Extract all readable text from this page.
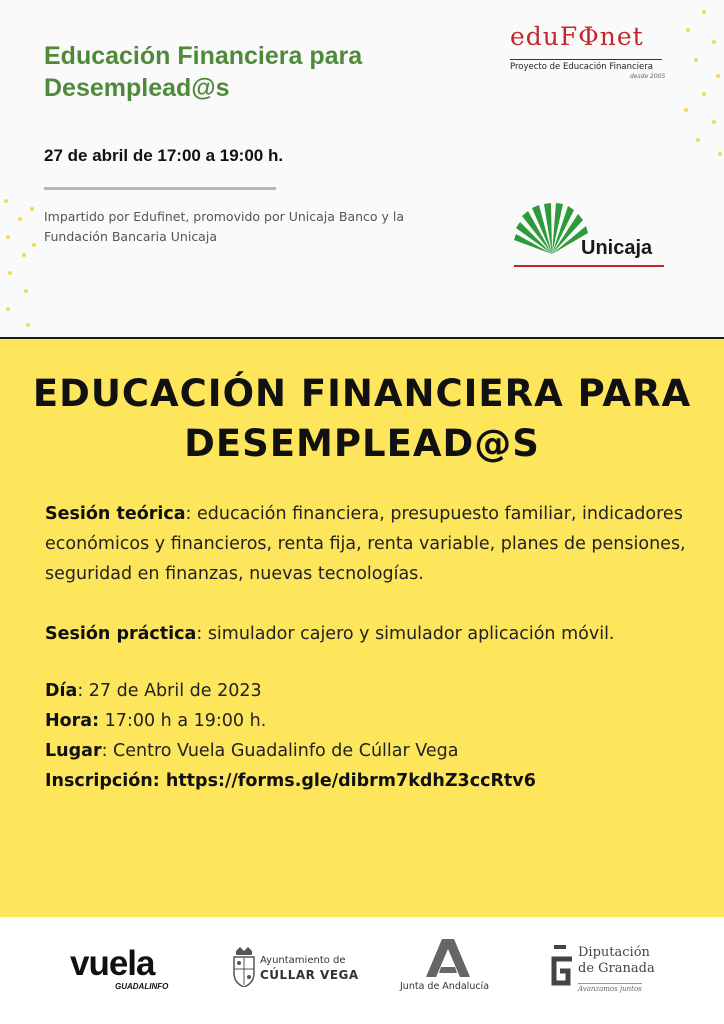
Educación Financiera para Desemplead@s
27 de abril de 17:00 a 19:00 h.
Impartido por Edufinet, promovido por Unicaja Banco y la Fundación Bancaria Unicaja
eduFΦnet
Proyecto de Educación Financiera
desde 2005
Unicaja
EDUCACIÓN FINANCIERA PARA DESEMPLEAD@S

Sesión teórica: educación financiera, presupuesto familiar, indicadores económicos y financieros, renta fija, renta variable, planes de pensiones, seguridad en finanzas, nuevas tecnologías.

Sesión práctica: simulador cajero y simulador aplicación móvil.

Día: 27 de Abril de 2023
Hora: 17:00 h a 19:00 h.
Lugar: Centro Vuela Guadalinfo de Cúllar Vega
Inscripción: https://forms.gle/dibrm7kdhZ3ccRtv6
vuela
GUADALINFO
Ayuntamiento de
CÚLLAR VEGA
Junta de Andalucía
Diputación
de Granada
Avanzamos juntos
